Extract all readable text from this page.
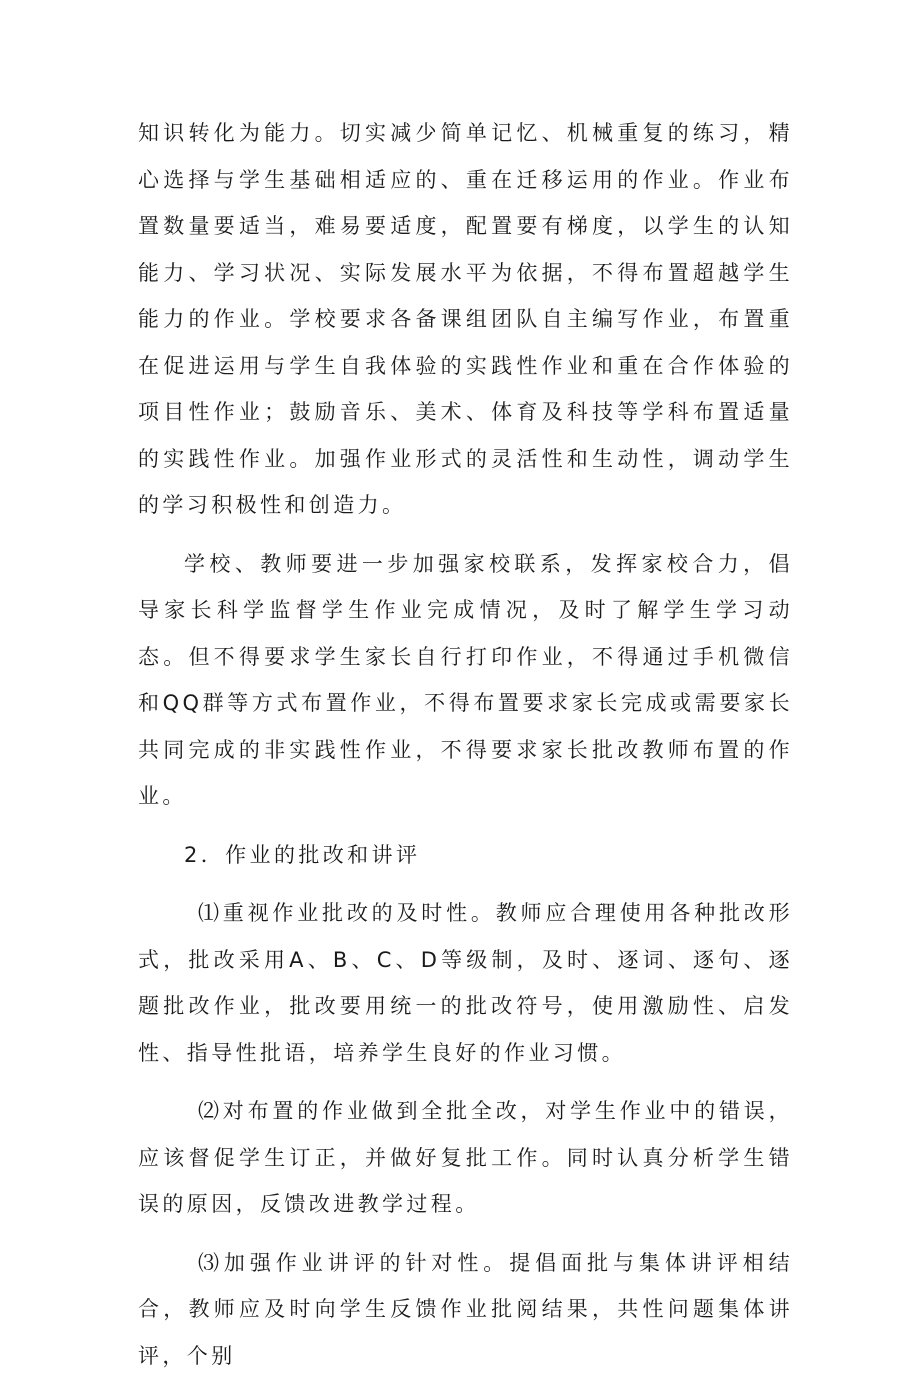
知识转化为能力。切实减少简单记忆、机械重复的练习，精心选择与学生基础相适应的、重在迁移运用的作业。作业布置数量要适当，难易要适度，配置要有梯度，以学生的认知能力、学习状况、实际发展水平为依据，不得布置超越学生能力的作业。学校要求各备课组团队自主编写作业，布置重在促进运用与学生自我体验的实践性作业和重在合作体验的项目性作业；鼓励音乐、美术、体育及科技等学科布置适量的实践性作业。加强作业形式的灵活性和生动性，调动学生的学习积极性和创造力。

学校、教师要进一步加强家校联系，发挥家校合力，倡导家长科学监督学生作业完成情况，及时了解学生学习动态。但不得要求学生家长自行打印作业，不得通过手机微信和QQ群等方式布置作业，不得布置要求家长完成或需要家长共同完成的非实践性作业，不得要求家长批改教师布置的作业。

2．作业的批改和讲评

⑴重视作业批改的及时性。教师应合理使用各种批改形式，批改采用A、B、C、D等级制，及时、逐词、逐句、逐题批改作业，批改要用统一的批改符号，使用激励性、启发性、指导性批语，培养学生良好的作业习惯。

⑵对布置的作业做到全批全改，对学生作业中的错误，应该督促学生订正，并做好复批工作。同时认真分析学生错误的原因，反馈改进教学过程。

⑶加强作业讲评的针对性。提倡面批与集体讲评相结合，教师应及时向学生反馈作业批阅结果，共性问题集体讲评，个别
